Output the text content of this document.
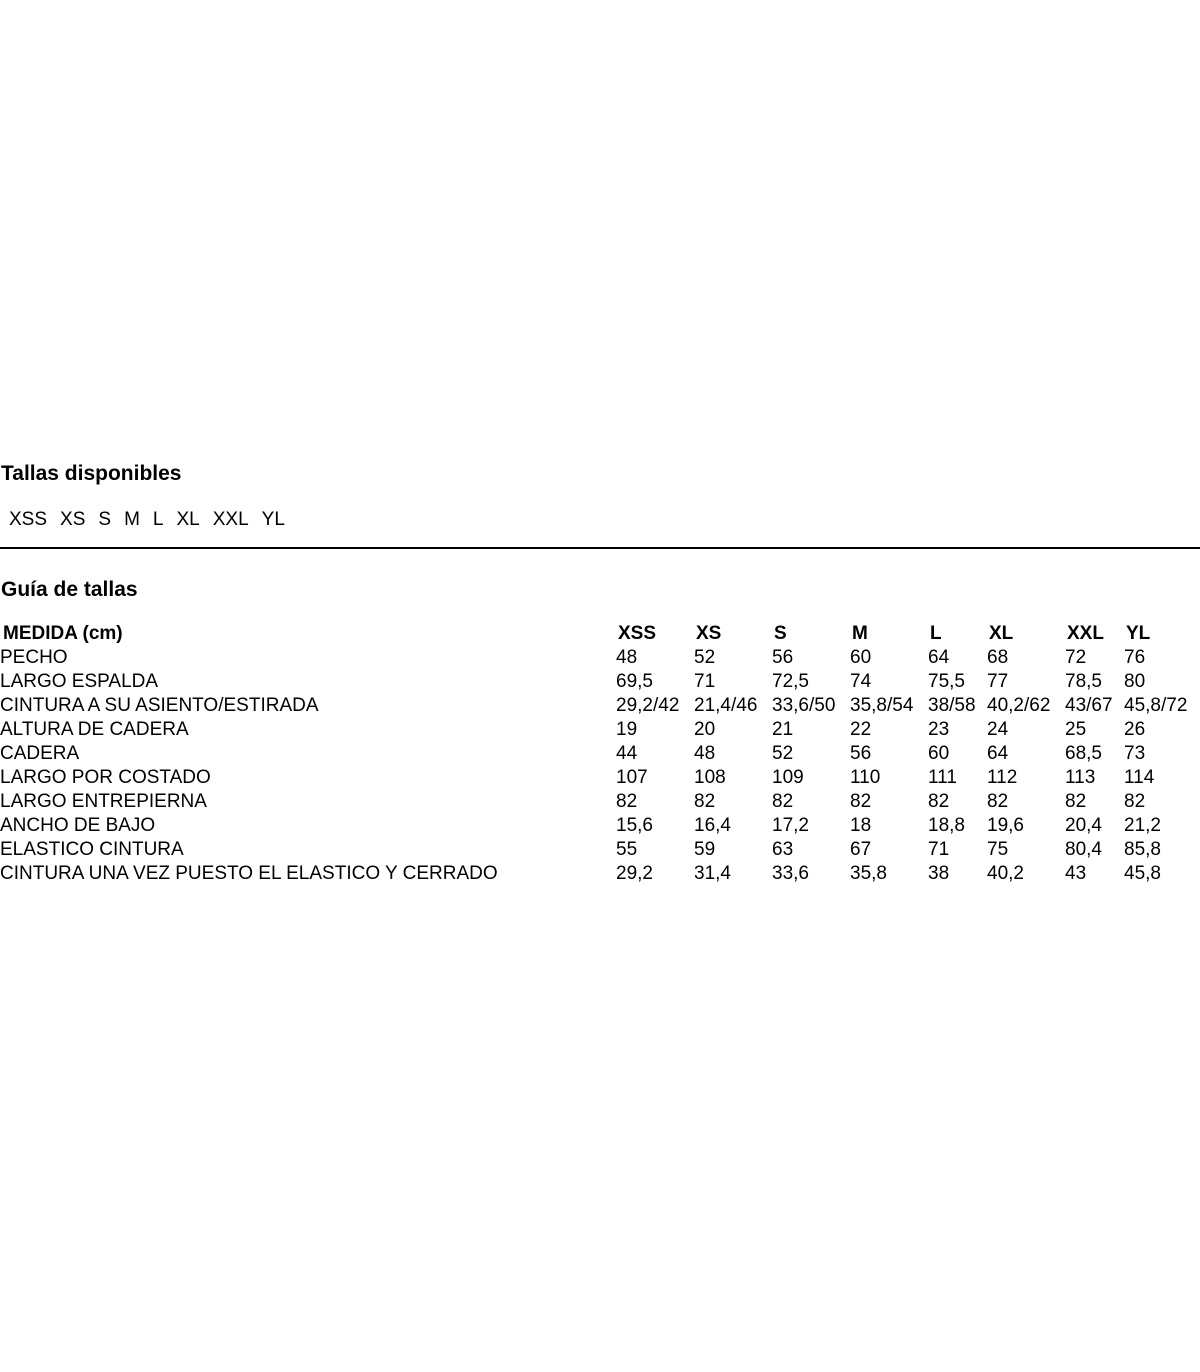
Tallas disponibles
XSS XS S M L XL XXL YL
Guía de tallas
MEDIDA (cm)	XSS	XS	S	M	L	XL	XXL	YL
PECHO	48	52	56	60	64	68	72	76
LARGO ESPALDA	69,5	71	72,5	74	75,5	77	78,5	80
CINTURA A SU ASIENTO/ESTIRADA	29,2/42	21,4/46	33,6/50	35,8/54	38/58	40,2/62	43/67	45,8/72
ALTURA DE CADERA	19	20	21	22	23	24	25	26
CADERA	44	48	52	56	60	64	68,5	73
LARGO POR COSTADO	107	108	109	110	111	112	113	114
LARGO ENTREPIERNA	82	82	82	82	82	82	82	82
ANCHO DE BAJO	15,6	16,4	17,2	18	18,8	19,6	20,4	21,2
ELASTICO CINTURA	55	59	63	67	71	75	80,4	85,8
CINTURA UNA VEZ PUESTO EL ELASTICO Y CERRADO	29,2	31,4	33,6	35,8	38	40,2	43	45,8
